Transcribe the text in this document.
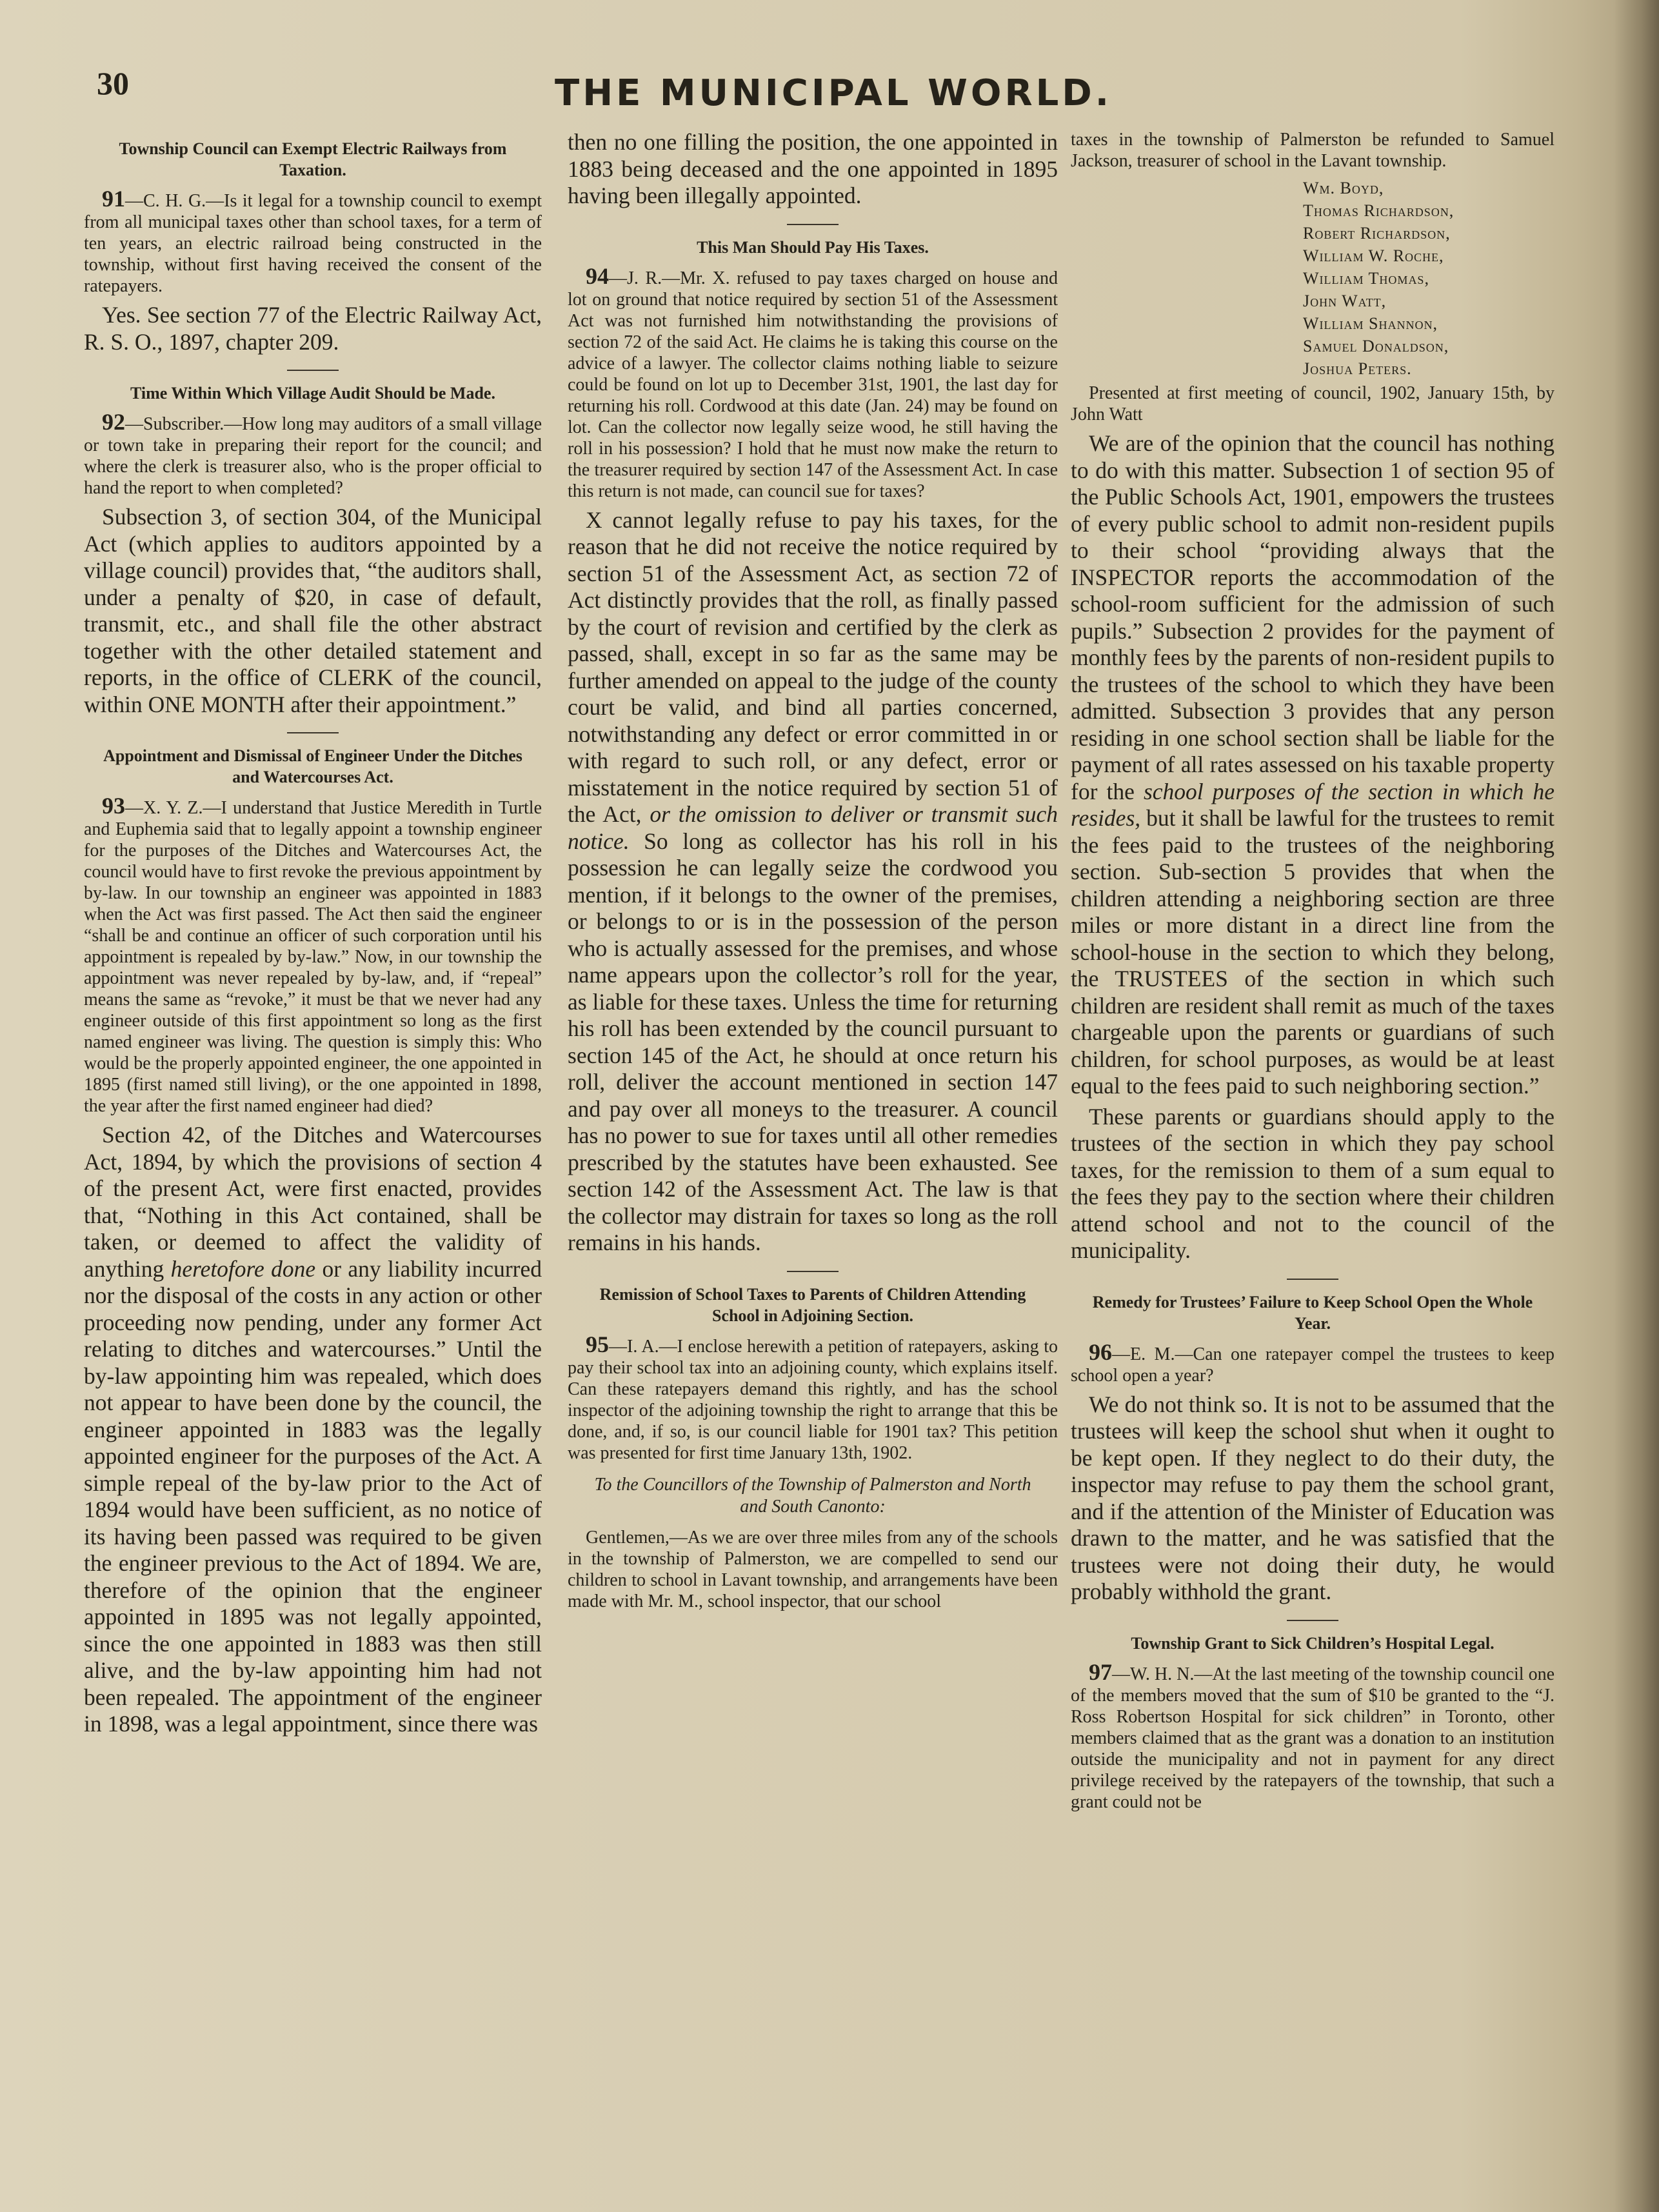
30	THE MUNICIPAL WORLD.
Township Council can Exempt Electric Railways from Taxation.

91—C. H. G.—Is it legal for a township council to exempt from all municipal taxes other than school taxes, for a term of ten years, an electric railroad being constructed in the township, without first having received the consent of the ratepayers.

Yes. See section 77 of the Electric Railway Act, R. S. O., 1897, chapter 209.

Time Within Which Village Audit Should be Made.

92—Subscriber.—How long may auditors of a small village or town take in preparing their report for the council; and where the clerk is treasurer also, who is the proper official to hand the report to when completed?

Subsection 3, of section 304, of the Municipal Act (which applies to auditors appointed by a village council) provides that, “the auditors shall, under a penalty of $20, in case of default, transmit, etc., and shall file the other abstract together with the other detailed statement and reports, in the office of CLERK of the council, within ONE MONTH after their appointment.”

Appointment and Dismissal of Engineer Under the Ditches and Watercourses Act.

93—X. Y. Z.—I understand that Justice Meredith in Turtle and Euphemia said that to legally appoint a township engineer for the purposes of the Ditches and Watercourses Act, the council would have to first revoke the previous appointment by by-law. In our township an engineer was appointed in 1883 when the Act was first passed. The Act then said the engineer “shall be and continue an officer of such corporation until his appointment is repealed by by-law.” Now, in our township the appointment was never repealed by by-law, and, if “repeal” means the same as “revoke,” it must be that we never had any engineer outside of this first appointment so long as the first named engineer was living. The question is simply this: Who would be the properly appointed engineer, the one appointed in 1895 (first named still living), or the one appointed in 1898, the year after the first named engineer had died?

Section 42, of the Ditches and Watercourses Act, 1894, by which the provisions of section 4 of the present Act, were first enacted, provides that, “Nothing in this Act contained, shall be taken, or deemed to affect the validity of anything heretofore done or any liability incurred nor the disposal of the costs in any action or other proceeding now pending, under any former Act relating to ditches and watercourses.” Until the by-law appointing him was repealed, which does not appear to have been done by the council, the engineer appointed in 1883 was the legally appointed engineer for the purposes of the Act. A simple repeal of the by-law prior to the Act of 1894 would have been sufficient, as no notice of its having been passed was required to be given the engineer previous to the Act of 1894. We are, therefore of the opinion that the engineer appointed in 1895 was not legally appointed, since the one appointed in 1883 was then still alive, and the by-law appointing him had not been repealed. The appointment of the engineer in 1898, was a legal appointment, since there was

then no one filling the position, the one appointed in 1883 being deceased and the one appointed in 1895 having been illegally appointed.

This Man Should Pay His Taxes.

94—J. R.—Mr. X. refused to pay taxes charged on house and lot on ground that notice required by section 51 of the Assessment Act was not furnished him notwithstanding the provisions of section 72 of the said Act. He claims he is taking this course on the advice of a lawyer. The collector claims nothing liable to seizure could be found on lot up to December 31st, 1901, the last day for returning his roll. Cordwood at this date (Jan. 24) may be found on lot. Can the collector now legally seize wood, he still having the roll in his possession? I hold that he must now make the return to the treasurer required by section 147 of the Assessment Act. In case this return is not made, can council sue for taxes?

X cannot legally refuse to pay his taxes, for the reason that he did not receive the notice required by section 51 of the Assessment Act, as section 72 of Act distinctly provides that the roll, as finally passed by the court of revision and certified by the clerk as passed, shall, except in so far as the same may be further amended on appeal to the judge of the county court be valid, and bind all parties concerned, notwithstanding any defect or error committed in or with regard to such roll, or any defect, error or misstatement in the notice required by section 51 of the Act, or the omission to deliver or transmit such notice. So long as collector has his roll in his possession he can legally seize the cordwood you mention, if it belongs to the owner of the premises, or belongs to or is in the possession of the person who is actually assessed for the premises, and whose name appears upon the collector’s roll for the year, as liable for these taxes. Unless the time for returning his roll has been extended by the council pursuant to section 145 of the Act, he should at once return his roll, deliver the account mentioned in section 147 and pay over all moneys to the treasurer. A council has no power to sue for taxes until all other remedies prescribed by the statutes have been exhausted. See section 142 of the Assessment Act. The law is that the collector may distrain for taxes so long as the roll remains in his hands.

Remission of School Taxes to Parents of Children Attending School in Adjoining Section.

95—I. A.—I enclose herewith a petition of ratepayers, asking to pay their school tax into an adjoining county, which explains itself. Can these ratepayers demand this rightly, and has the school inspector of the adjoining township the right to arrange that this be done, and, if so, is our council liable for 1901 tax? This petition was presented for first time January 13th, 1902.

To the Councillors of the Township of Palmerston and North and South Canonto:

Gentlemen,—As we are over three miles from any of the schools in the township of Palmerston, we are compelled to send our children to school in Lavant township, and arrangements have been made with Mr. M., school inspector, that our school

taxes in the township of Palmerston be refunded to Samuel Jackson, treasurer of school in the Lavant township.

Wm. Boyd,
Thomas Richardson,
Robert Richardson,
William W. Roche,
William Thomas,
John Watt,
William Shannon,
Samuel Donaldson,
Joshua Peters.

Presented at first meeting of council, 1902, January 15th, by John Watt

We are of the opinion that the council has nothing to do with this matter. Subsection 1 of section 95 of the Public Schools Act, 1901, empowers the trustees of every public school to admit non-resident pupils to their school “providing always that the INSPECTOR reports the accommodation of the school-room sufficient for the admission of such pupils.” Subsection 2 provides for the payment of monthly fees by the parents of non-resident pupils to the trustees of the school to which they have been admitted. Subsection 3 provides that any person residing in one school section shall be liable for the payment of all rates assessed on his taxable property for the school purposes of the section in which he resides, but it shall be lawful for the trustees to remit the fees paid to the trustees of the neighboring section. Sub-section 5 provides that when the children attending a neighboring section are three miles or more distant in a direct line from the school-house in the section to which they belong, the TRUSTEES of the section in which such children are resident shall remit as much of the taxes chargeable upon the parents or guardians of such children, for school purposes, as would be at least equal to the fees paid to such neighboring section.”

These parents or guardians should apply to the trustees of the section in which they pay school taxes, for the remission to them of a sum equal to the fees they pay to the section where their children attend school and not to the council of the municipality.

Remedy for Trustees’ Failure to Keep School Open the Whole Year.

96—E. M.—Can one ratepayer compel the trustees to keep school open a year?

We do not think so. It is not to be assumed that the trustees will keep the school shut when it ought to be kept open. If they neglect to do their duty, the inspector may refuse to pay them the school grant, and if the attention of the Minister of Education was drawn to the matter, and he was satisfied that the trustees were not doing their duty, he would probably withhold the grant.

Township Grant to Sick Children’s Hospital Legal.

97—W. H. N.—At the last meeting of the township council one of the members moved that the sum of $10 be granted to the “J. Ross Robertson Hospital for sick children” in Toronto, other members claimed that as the grant was a donation to an institution outside the municipality and not in payment for any direct privilege received by the ratepayers of the township, that such a grant could not be
